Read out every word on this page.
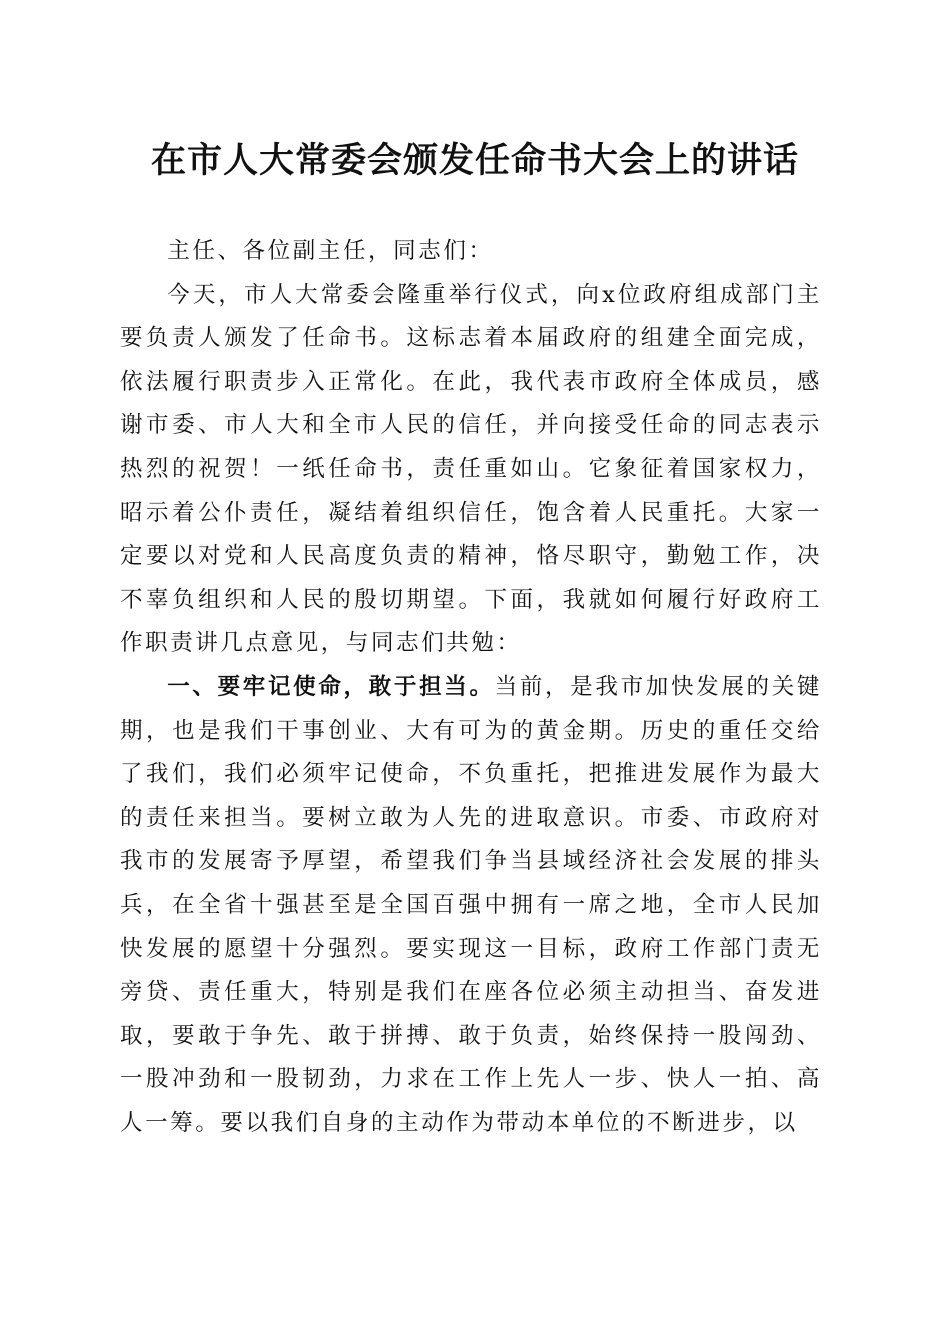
在市人大常委会颁发任命书大会上的讲话

主任、各位副主任，同志们：

今天，市人大常委会隆重举行仪式，向x位政府组成部门主要负责人颁发了任命书。这标志着本届政府的组建全面完成，依法履行职责步入正常化。在此，我代表市政府全体成员，感谢市委、市人大和全市人民的信任，并向接受任命的同志表示热烈的祝贺！一纸任命书，责任重如山。它象征着国家权力，昭示着公仆责任，凝结着组织信任，饱含着人民重托。大家一定要以对党和人民高度负责的精神，恪尽职守，勤勉工作，决不辜负组织和人民的殷切期望。下面，我就如何履行好政府工作职责讲几点意见，与同志们共勉：

一、要牢记使命，敢于担当。当前，是我市加快发展的关键期，也是我们干事创业、大有可为的黄金期。历史的重任交给了我们，我们必须牢记使命，不负重托，把推进发展作为最大的责任来担当。要树立敢为人先的进取意识。市委、市政府对我市的发展寄予厚望，希望我们争当县域经济社会发展的排头兵，在全省十强甚至是全国百强中拥有一席之地，全市人民加快发展的愿望十分强烈。要实现这一目标，政府工作部门责无旁贷、责任重大，特别是我们在座各位必须主动担当、奋发进取，要敢于争先、敢于拼搏、敢于负责，始终保持一股闯劲、一股冲劲和一股韧劲，力求在工作上先人一步、快人一拍、高人一筹。要以我们自身的主动作为带动本单位的不断进步，以
